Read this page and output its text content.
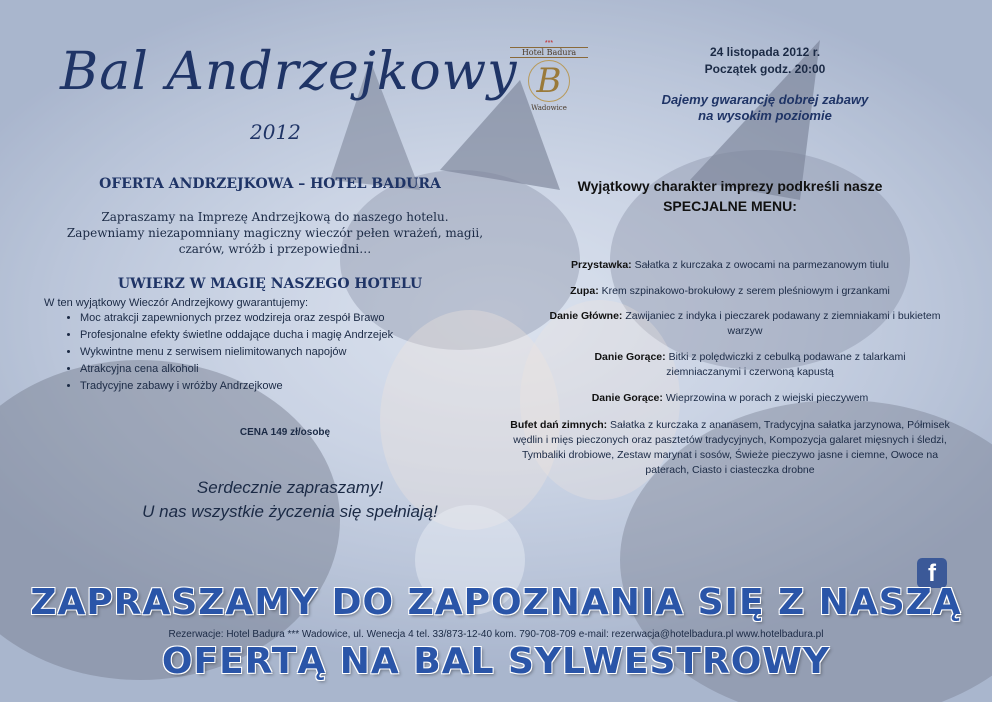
Bal Andrzejkowy
2012
***
Hotel Badura
B
Wadowice
24 listopada 2012 r.
Początek godz. 20:00
Dajemy gwarancję dobrej zabawy
na wysokim poziomie
OFERTA ANDRZEJKOWA – HOTEL BADURA
Zapraszamy na Imprezę Andrzejkową do naszego hotelu.
Zapewniamy niezapomniany magiczny wieczór pełen wrażeń, magii,
czarów, wróżb i przepowiedni…
UWIERZ W MAGIĘ NASZEGO HOTELU
W ten wyjątkowy Wieczór Andrzejkowy gwarantujemy:
• Moc atrakcji zapewnionych przez wodzireja oraz zespół Brawo
• Profesjonalne efekty świetlne oddające ducha i magię Andrzejek
• Wykwintne menu z serwisem nielimitowanych napojów
• Atrakcyjna cena alkoholi
• Tradycyjne zabawy i wróżby Andrzejkowe
CENA 149 zł/osobę
Serdecznie zapraszamy!
U nas wszystkie życzenia się spełniają!
Wyjątkowy charakter imprezy podkreśli nasze
SPECJALNE MENU:
Przystawka: Sałatka z kurczaka z owocami na parmezanowym tiulu
Zupa: Krem szpinakowo-brokułowy z serem pleśniowym i grzankami
Danie Główne: Zawijaniec z indyka i pieczarek podawany z ziemniakami i bukietem warzyw
Danie Gorące: Bitki z polędwiczki z cebulką podawane z talarkami ziemniaczanymi i czerwoną kapustą
Danie Gorące: Wieprzowina w porach z wiejski pieczywem
Bufet dań zimnych: Sałatka z kurczaka z ananasem, Tradycyjna sałatka jarzynowa, Półmisek wędlin i mięs pieczonych oraz pasztetów tradycyjnych, Kompozycja galaret mięsnych i śledzi, Tymbaliki drobiowe, Zestaw marynat i sosów, Świeże pieczywo jasne i ciemne, Owoce na paterach, Ciasto i ciasteczka drobne
f
ZAPRASZAMY DO ZAPOZNANIA SIĘ Z NASZĄ
Rezerwacje: Hotel Badura *** Wadowice, ul. Wenecja 4 tel. 33/873-12-40 kom. 790-708-709 e-mail: rezerwacja@hotelbadura.pl www.hotelbadura.pl
OFERTĄ NA BAL SYLWESTROWY
